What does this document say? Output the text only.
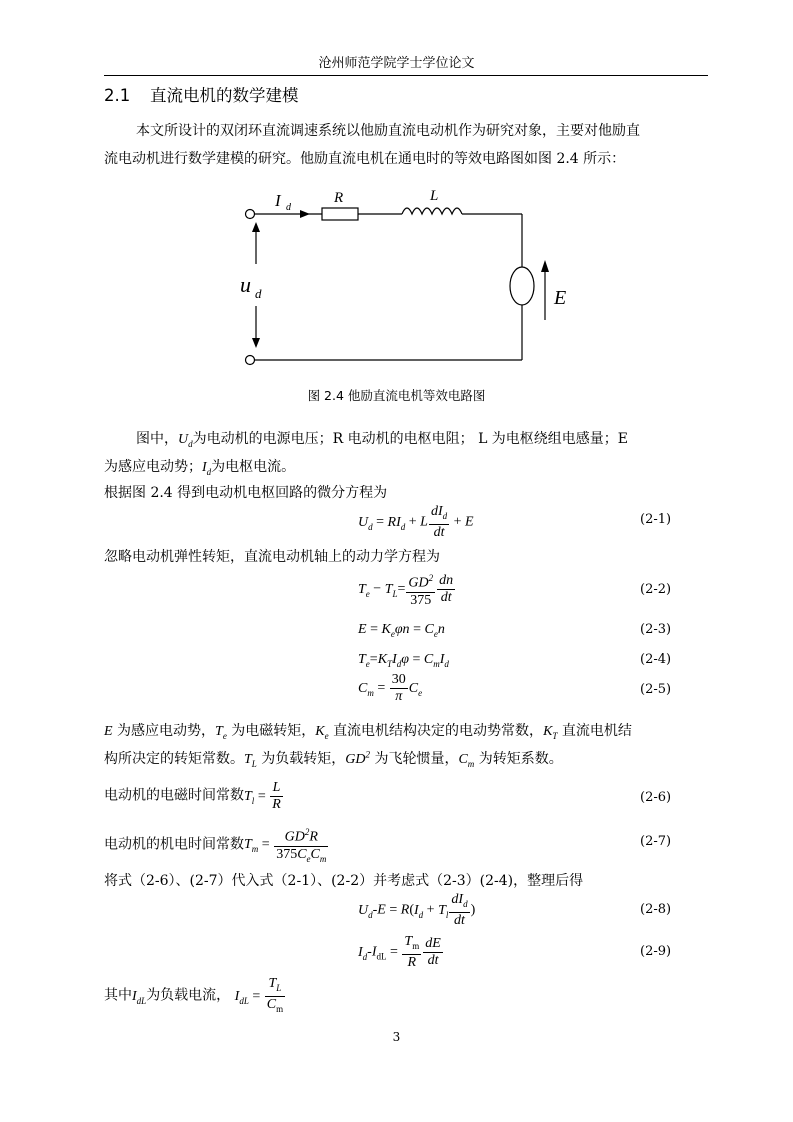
沧州师范学院学士学位论文
2.1 直流电机的数学建模
本文所设计的双闭环直流调速系统以他励直流电动机作为研究对象，主要对他励直
流电动机进行数学建模的研究。他励直流电机在通电时的等效电路图如图 2.4 所示：
I d
R	L
u d	E
图 2.4 他励直流电机等效电路图
图中，$U_d$为电动机的电源电压；R 电动机的电枢电阻； L 为电枢绕组电感量；E
为感应电动势；$I_d$为电枢电流。
根据图 2.4 得到电动机电枢回路的微分方程为
$U_d = RI_d + L \frac{dI_d}{dt} + E$	(2-1)
忽略电动机弹性转矩，直流电动机轴上的动力学方程为
$T_e - T_L= \frac{GD^2}{375} \frac{dn}{dt}$	(2-2)
$E = K_e\varphi n = C_en$	(2-3)
$T_e=K_TI_d\varphi = C_mI_d$	(2-4)
$C_m = \frac{30}{\pi} C_e$	(2-5)
E 为感应电动势，$T_e$ 为电磁转矩，$K_e$ 直流电机结构决定的电动势常数，$K_T$ 直流电机结
构所决定的转矩常数。$T_L$ 为负载转矩，$GD^2$ 为飞轮惯量，$C_m$ 为转矩系数。
电动机的电磁时间常数$T_l = \frac{L}{R}$	(2-6)
电动机的机电时间常数$T_m = \frac{GD^2R}{375C_eC_m}$	(2-7)
将式（2-6）、(2-7）代入式（2-1）、(2-2）并考虑式（2-3）(2-4)，整理后得
$U_d-E = R(I_d + T_l \frac{dI_d}{dt}$ )	(2-8)
$I_d-I_{dL} = \frac{T_m}{R} \frac{dE}{dt}$	(2-9)
其中$I_{dL}$为负载电流， $I_{dL} = \frac{T_L}{C_m}$
3
